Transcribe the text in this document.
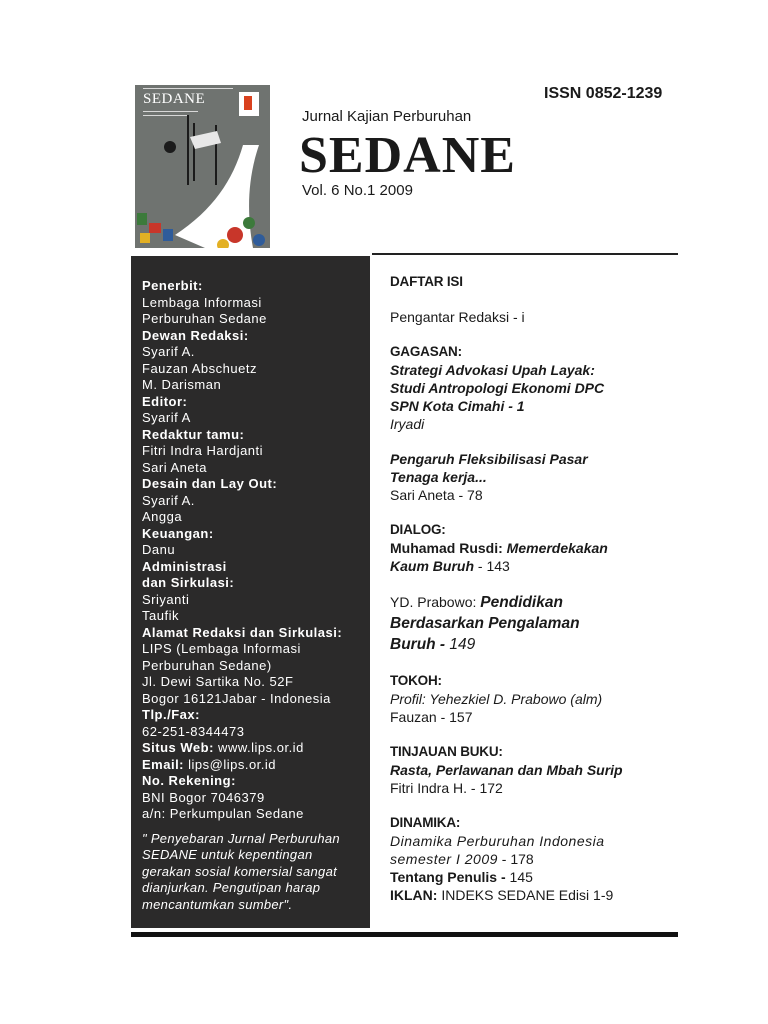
SEDANE	ISSN 0852-1239
Jurnal Kajian Perburuhan
SEDANE
Vol. 6 No.1 2009
Penerbit:
Lembaga Informasi
Perburuhan Sedane
Dewan Redaksi:
Syarif A.
Fauzan Abschuetz
M. Darisman
Editor:
Syarif A
Redaktur tamu:
Fitri Indra Hardjanti
Sari Aneta
Desain dan Lay Out:
Syarif A.
Angga
Keuangan:
Danu
Administrasi
dan Sirkulasi:
Sriyanti
Taufik
Alamat Redaksi dan Sirkulasi:
LIPS (Lembaga Informasi
Perburuhan Sedane)
Jl. Dewi Sartika No. 52F
Bogor 16121Jabar - Indonesia
Tlp./Fax:
62-251-8344473
Situs Web: www.lips.or.id
Email: lips@lips.or.id
No. Rekening:
BNI Bogor 7046379
a/n: Perkumpulan Sedane
" Penyebaran Jurnal Perburuhan SEDANE untuk kepentingan gerakan sosial komersial sangat dianjurkan. Pengutipan harap mencantumkan sumber".

DAFTAR ISI

Pengantar Redaksi - i

GAGASAN:

Strategi Advokasi Upah Layak:

Studi Antropologi Ekonomi DPC

SPN Kota Cimahi - 1

Iryadi

Pengaruh Fleksibilisasi Pasar

Tenaga kerja...

Sari Aneta - 78

DIALOG:

Muhamad Rusdi: Memerdekakan

Kaum Buruh - 143

YD. Prabowo: Pendidikan

Berdasarkan Pengalaman

Buruh - 149

TOKOH:

Profil: Yehezkiel D. Prabowo (alm)

Fauzan - 157

TINJAUAN BUKU:

Rasta, Perlawanan dan Mbah Surip

Fitri Indra H. - 172

DINAMIKA:

Dinamika Perburuhan Indonesia

semester I 2009 - 178

Tentang Penulis - 145

IKLAN: INDEKS SEDANE Edisi 1-9
